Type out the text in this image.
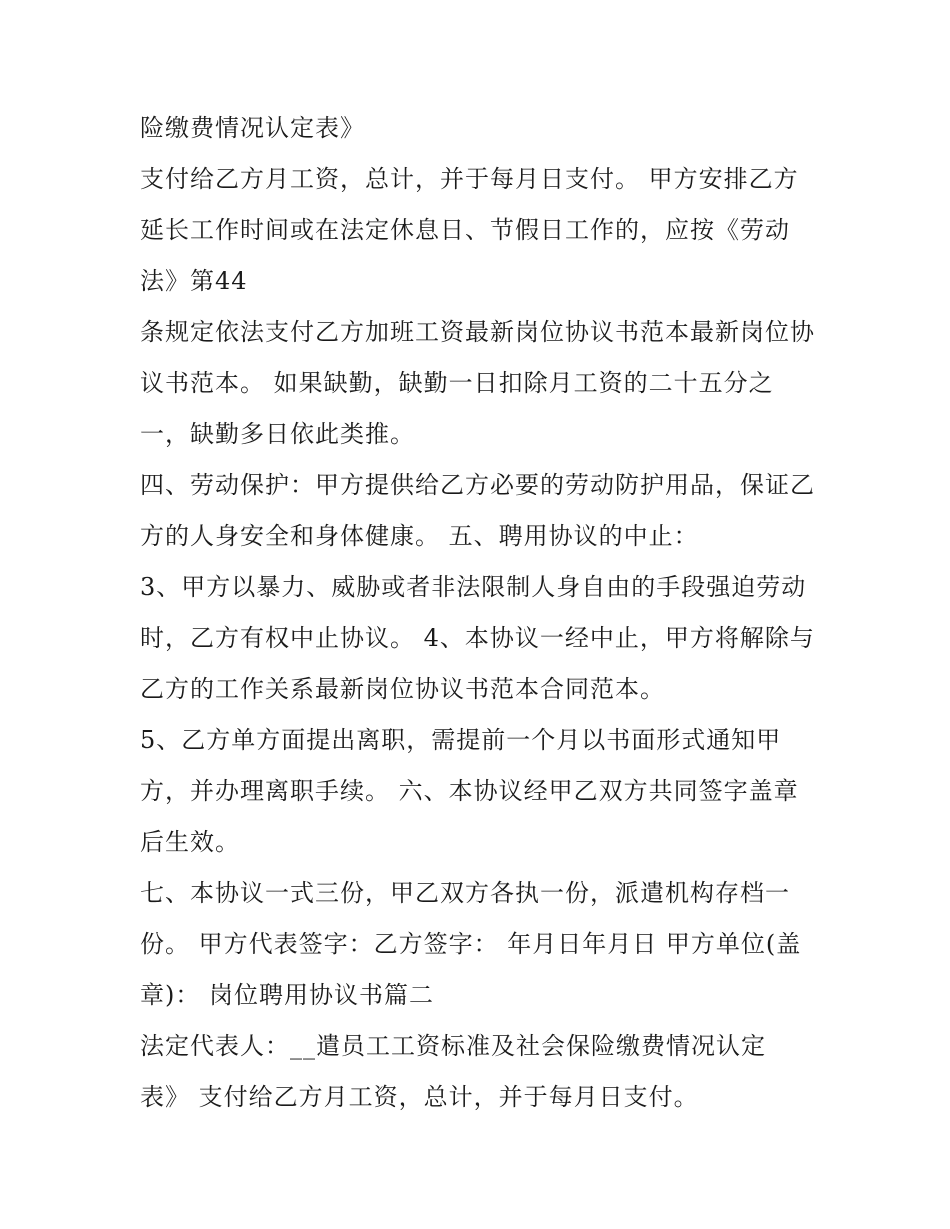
险缴费情况认定表》
支付给乙方月工资，总计，并于每月日支付。 甲方安排乙方
延长工作时间或在法定休息日、节假日工作的，应按《劳动
法》第44
条规定依法支付乙方加班工资最新岗位协议书范本最新岗位协
议书范本。 如果缺勤，缺勤一日扣除月工资的二十五分之
一，缺勤多日依此类推。
四、劳动保护：甲方提供给乙方必要的劳动防护用品，保证乙
方的人身安全和身体健康。 五、聘用协议的中止：
3、甲方以暴力、威胁或者非法限制人身自由的手段强迫劳动
时，乙方有权中止协议。 4、本协议一经中止，甲方将解除与
乙方的工作关系最新岗位协议书范本合同范本。
5、乙方单方面提出离职，需提前一个月以书面形式通知甲
方，并办理离职手续。 六、本协议经甲乙双方共同签字盖章
后生效。
七、本协议一式三份，甲乙双方各执一份，派遣机构存档一
份。 甲方代表签字：乙方签字： 年月日年月日 甲方单位(盖
章)： 岗位聘用协议书篇二
法定代表人：__遣员工工资标准及社会保险缴费情况认定
表》 支付给乙方月工资，总计，并于每月日支付。
